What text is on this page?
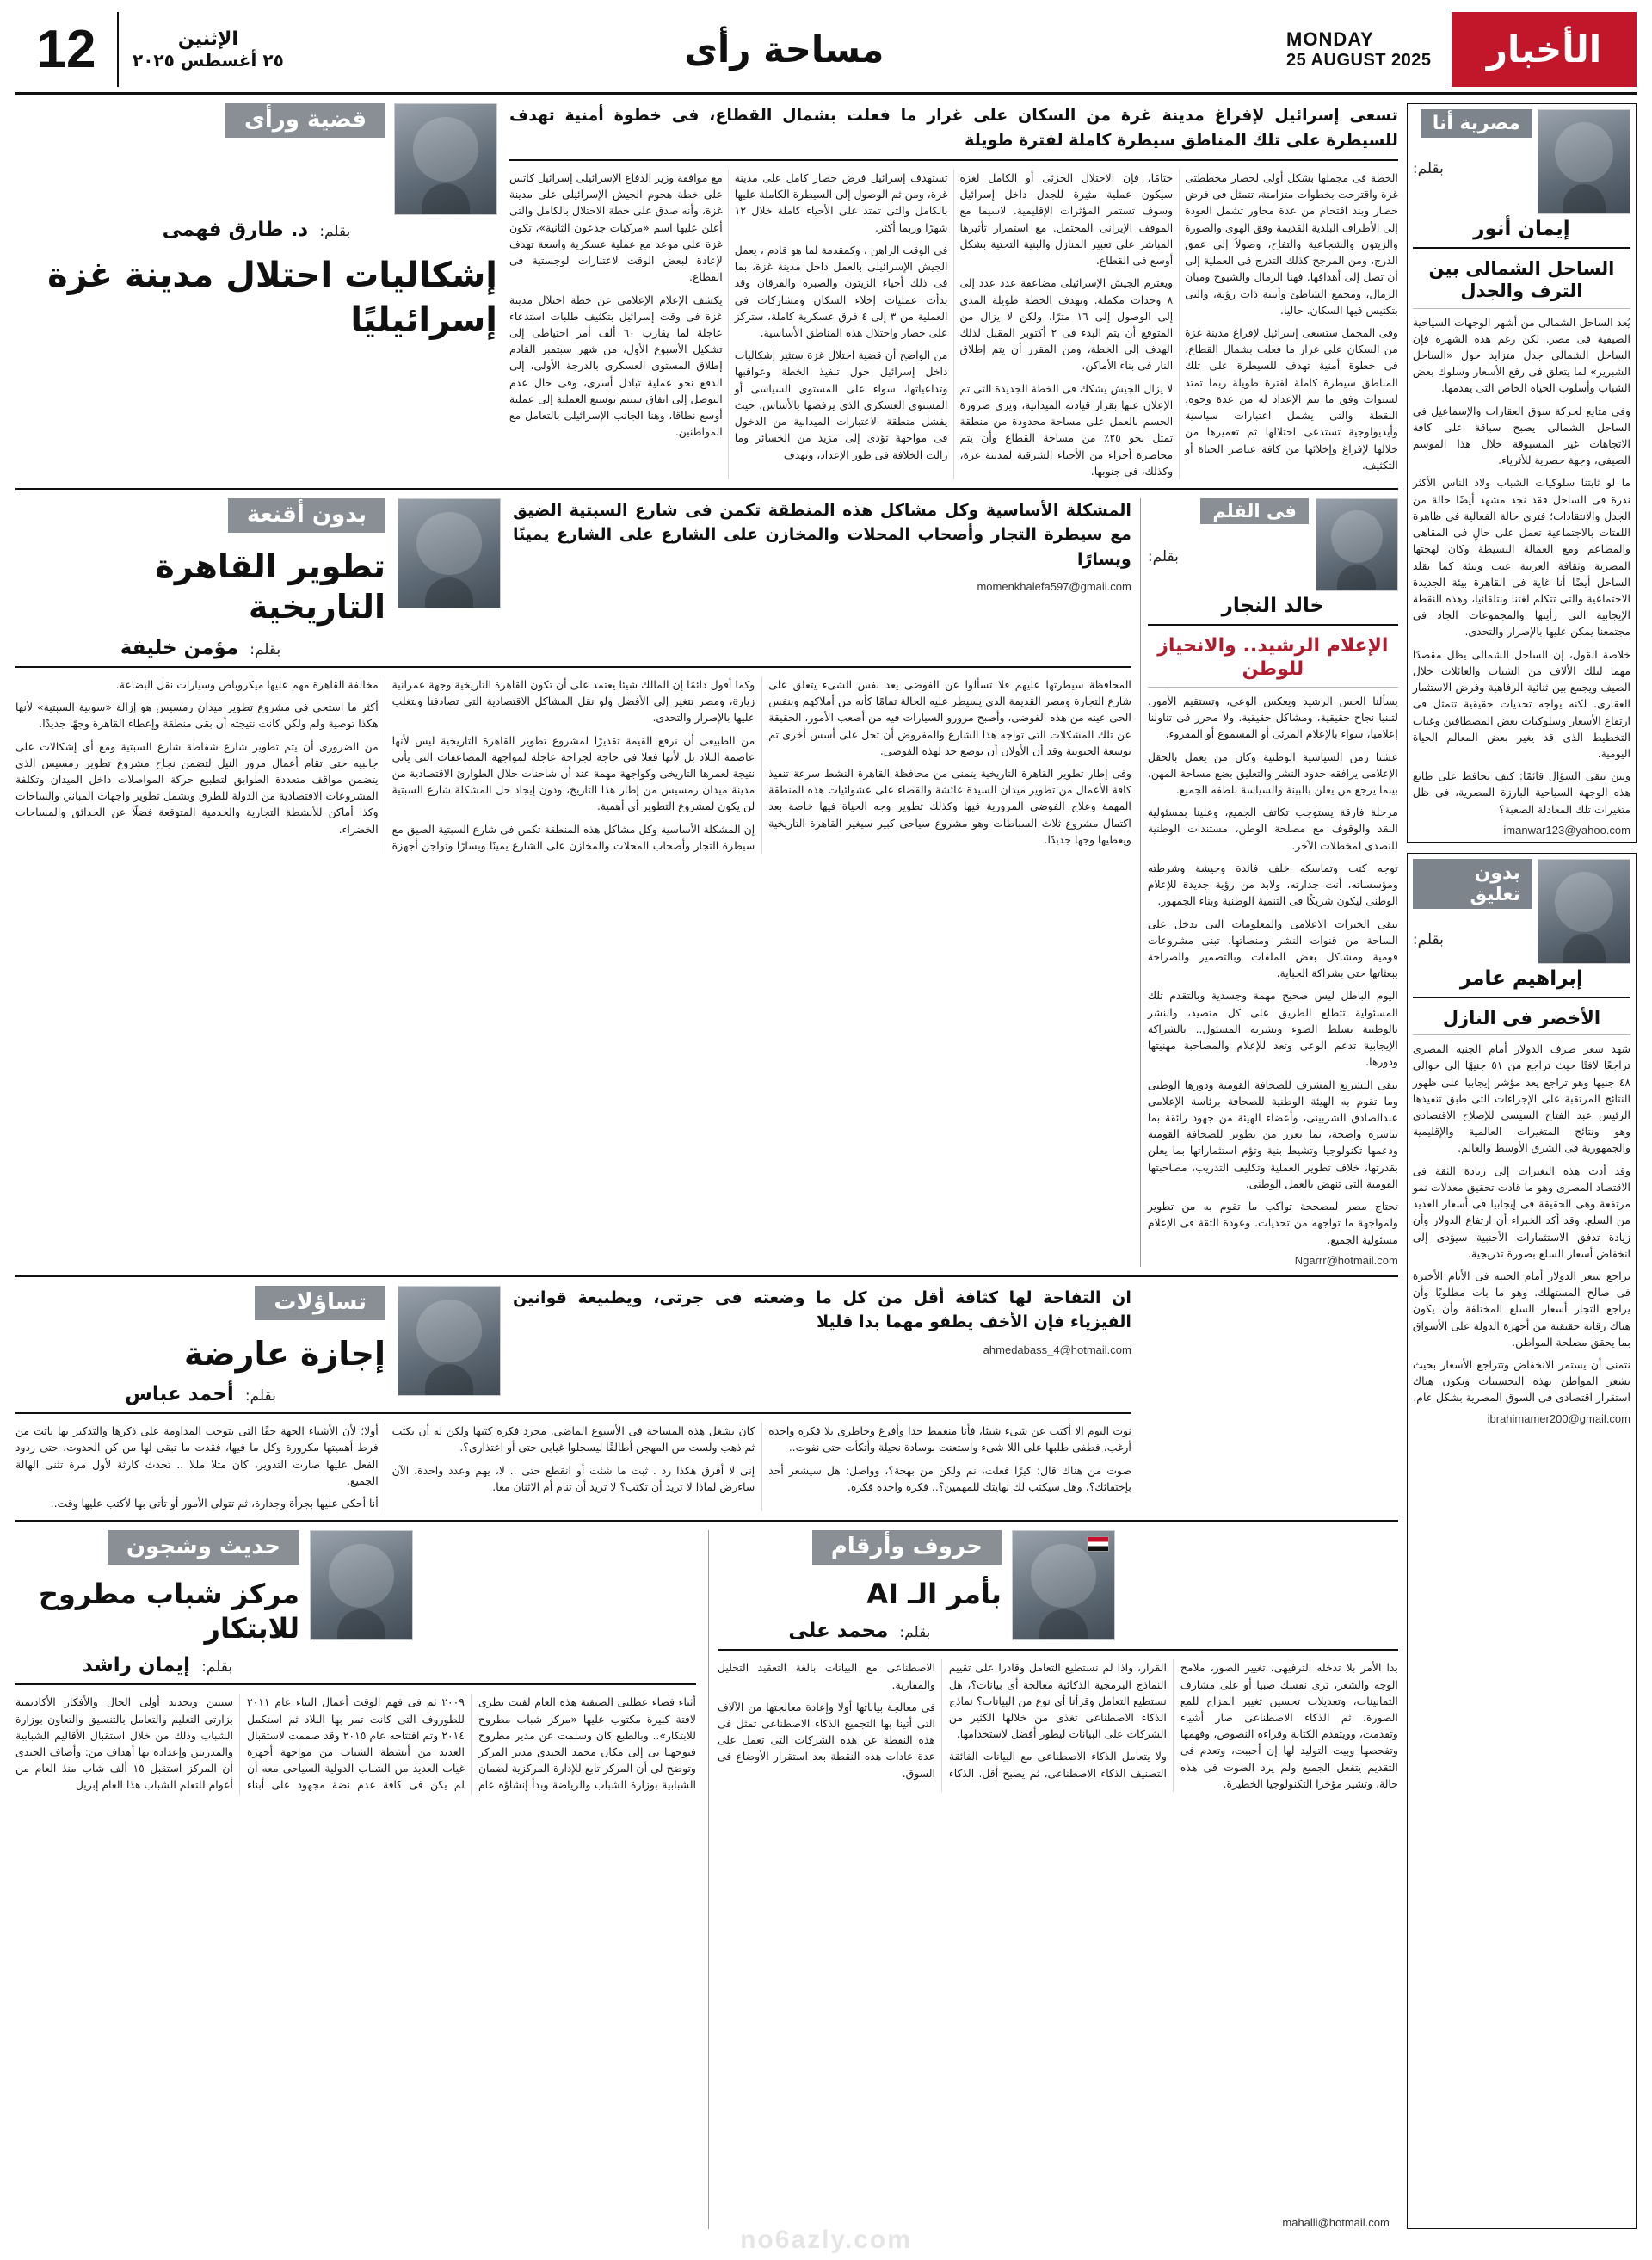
الأخبار
MONDAY
25 AUGUST 2025
مساحة رأى
الإثنين
٢٥ أغسطس ٢٠٢٥
12
مصرية أنا
بقلم:
إيمان أنور
الساحل الشمالى بين الترف والجدل

يُعد الساحل الشمالى من أشهر الوجهات السياحية الصيفية فى مصر. لكن رغم هذه الشهرة فإن الساحل الشمالى جدل متزايد حول «الساحل الشبرير» لما يتعلق فى رفع الأسعار وسلوك بعض الشباب وأسلوب الحياة الخاص التى يقدمها.

وفى متابع لحركة سوق العقارات والإسماعيل فى الساحل الشمالى يصبح سباقة على كافة الاتجاهات غير المسبوقة خلال هذا الموسم الصيفى، وجهة حصرية للأثرياء.

ما لو ثابتنا سلوكيات الشباب ولاد الناس الأكثر ندرة فى الساحل فقد نجد مشهد أيضًا حالة من الجدل والانتقادات؛ فترى حالة الفعالية فى ظاهرة اللفتات بالاجتماعية تعمل على حالٍ فى المقاهى والمطاعم ومع العمالة البسيطة وكان لهجتها المصرية وثقافة العربية عيب وبيئة كما يقلد الساحل أيضًا أنا غاية فى القاهرة بيئة الجديدة الاجتماعية والتى تتكلم لغتنا ونتلقائيا، وهذه النقطة الإيجابية التى رأيتها والمجموعات الجاد فى مجتمعنا يمكن عليها بالإصرار والتحدى.

خلاصة القول، إن الساحل الشمالى يظل مقصدًا مهما لتلك الألاف من الشباب والعائلات خلال الصيف ويجمع بين ثنائية الرفاهية وفرض الاستثمار العقارى. لكنه يواجه تحديات حقيقية تتمثل فى ارتفاع الأسعار وسلوكيات بعض المصطافين وغياب التخطيط الذى قد يغير بعض المعالم الحياة اليومية.

وبين يبقى السؤال قائمًا: كيف نحافظ على طابع هذه الوجهة السياحية البارزة المصرية، فى ظل متغيرات تلك المعادلة الصعبة؟

imanwar123@yahoo.com
بدون تعليق
بقلم:
إبراهيم عامر
الأخضر فى النازل

شهد سعر صرف الدولار أمام الجنيه المصرى تراجعًا لافتًا حيث تراجع من ٥١ جنيهًا إلى حوالى ٤٨ جنيها وهو تراجع يعد مؤشر إيجابيا على ظهور النتائج المرتقبة على الإجراءات التى طبق تنفيذها الرئيس عبد الفتاح السيسى للإصلاح الاقتصادى وهو ونتائج المتغيرات العالمية والإقليمية والجمهورية فى الشرق الأوسط والعالم.

وقد أدت هذه التغيرات إلى زيادة الثقة فى الاقتصاد المصرى وهو ما قادت تحقيق معدلات نمو مرتفعة وهى الحقيقة فى إيجابيا فى أسعار العديد من السلع. وقد أكد الخبراء أن ارتفاع الدولار وأن زيادة تدفق الاستثمارات الأجنبية سيؤدى إلى انخفاض أسعار السلع بصورة تدريجية.

تراجع سعر الدولار أمام الجنيه فى الأيام الأخيرة فى صالح المستهلك. وهو ما بات مطلوبًا وأن يراجع التجار أسعار السلع المختلفة وأن يكون هناك رقابة حقيقية من أجهزة الدولة على الأسواق بما يحقق مصلحة المواطن.

نتمنى أن يستمر الانخفاض وتتراجع الأسعار بحيث يشعر المواطن بهذه التحسينات ويكون هناك استقرار اقتصادى فى السوق المصرية بشكل عام.

ibrahimamer200@gmail.com
تسعى إسرائيل لإفراغ مدينة غزة من السكان على غرار ما فعلت بشمال القطاع، فى خطوة أمنية تهدف للسيطرة على تلك المناطق سيطرة كاملة لفترة طويلة

الخطة فى مجملها بشكل أولى لحصار مخططتى غزة واقترحت بخطوات متزامنة، تتمثل فى فرض حصار وبند اقتحام من عدة محاور تشمل العودة إلى الأطراف البلدية القديمة وفق الهوى والصورة والزيتون والشجاعية والتفاح، وصولاً إلى عمق الدرج، ومن المرجح كذلك التدرج فى العملية إلى أن تصل إلى أهدافها. فهنا الرمال والشيوخ ومبان الرمال، ومجمع الشاطئ وأبنية ذات رؤية، والتى بتكتيس فيها السكان. حاليا.

وفى المجمل ستسعى إسرائيل لإفراغ مدينة غزة من السكان على غرار ما فعلت بشمال القطاع، فى خطوة أمنية تهدف للسيطرة على تلك المناطق سيطرة كاملة لفترة طويلة ربما تمتد لسنوات وفق ما يتم الإعداد له من عدة وجوه، النقطة والتى يشمل اعتبارات سياسية وأيديولوجية تستدعى احتلالها ثم تعميرها من خلالها لإفراغ وإخلائها من كافة عناصر الحياة أو التكثيف.

ختامًا، فإن الاحتلال الجزئى أو الكامل لغزة سيكون عملية مثيرة للجدل داخل إسرائيل وسوف تستمر المؤثرات الإقليمية. لاسيما مع الموقف الإيرانى المحتمل. مع استمرار تأثيرها المباشر على تعبير المنازل والبنية التحتية بشكل أوسع فى القطاع.

ويعترم الجيش الإسرائيلى مضاعفة عدد عدد إلى ٨ وحدات مكملة. وتهدف الخطة طويلة المدى إلى الوصول إلى ١٦ مترًا، ولكن لا يزال من المتوقع أن يتم البدء فى ٢ أكتوبر المقبل لذلك الهدف إلى الخطة، ومن المقرر أن يتم إطلاق النار فى بناء الأماكن.

لا يزال الجيش يشكك فى الخطة الجديدة التى تم الإعلان عنها بقرار قيادته الميدانية، ويرى ضرورة الحسم بالعمل على مساحة محدودة من منطقة تمثل نحو ٢٥٪ من مساحة القطاع وأن يتم محاصرة أجزاء من الأحياء الشرقية لمدينة غزة، وكذلك، فى جنوبها.

تستهدف إسرائيل فرض حصار كامل على مدينة غزة، ومن ثم الوصول إلى السيطرة الكاملة عليها بالكامل والتى تمتد على الأحياء كاملة خلال ١٢ شهرًا وربما أكثر.

فى الوقت الراهن ، وكمقدمة لما هو قادم ، يعمل الجيش الإسرائيلى بالعمل داخل مدينة غزة، بما فى ذلك أحياء الزيتون والصبرة والفرقان وقد بدأت عمليات إخلاء السكان ومشاركات فى العملية من ٣ إلى ٤ فرق عسكرية كاملة، ستركز على حصار واحتلال هذه المناطق الأساسية.

من الواضح أن قضية احتلال غزة ستثير إشكاليات داخل إسرائيل حول تنفيذ الخطة وعواقبها وتداعياتها، سواء على المستوى السياسى أو المستوى العسكرى الذى يرفضها بالأساس، حيث يفشل منطقة الاعتبارات الميدانية من الدخول فى مواجهة تؤدى إلى مزيد من الخسائر وما زالت الخلافة فى طور الإعداد، وتهدف

مع موافقة وزير الدفاع الإسرائيلى إسرائيل كاتس على خطة هجوم الجيش الإسرائيلى على مدينة غزة، وأنه صدق على خطة الاحتلال بالكامل والتى أعلن عليها اسم «مركبات جدعون الثانية»، تكون غزة على موعد مع عملية عسكرية واسعة تهدف لإعادة لبعض الوقت لاعتبارات لوجستية فى القطاع.

يكشف الإعلام الإعلامى عن خطة احتلال مدينة غزة فى وقت إسرائيل بتكثيف طلبات استدعاء عاجلة لما يقارب ٦٠ ألف أمر احتياطى إلى تشكيل الأسبوع الأول، من شهر سبتمبر القادم إطلاق المستوى العسكرى بالدرجة الأولى، إلى الدفع نحو عملية تبادل أسرى، وفى حال عدم التوصل إلى اتفاق سيتم توسيع العملية إلى عملية أوسع نطاقا، وهنا الجانب الإسرائيلى بالتعامل مع المواطنين.

قضية ورأى
بقلم: د. طارق فهمى
إشكاليات احتلال مدينة غزة إسرائيليًا
فى القلم
بقلم:
خالد النجار
الإعلام الرشيد.. والانحياز للوطن

يسألنا الحس الرشيد ويعكس الوعى، وتستقيم الأمور. لتبنيا نجاح حقيقية، ومشاكل حقيقية. ولا محرر فى تناولنا إعلاميا، سواء بالإعلام المرئى أو المسموع أو المقروء.

عشنا زمن السياسية الوطنية وكان من يعمل بالحقل الإعلامى يرافقه حدود النشر والتعليق بضع مساحة المهن، بينما يرجع من يعلن بالبينة والسياسة بلطفه الجميع.

مرحلة فارقة يستوجب تكاتف الجميع، وعلينا بمسئولية النقد والوقوف مع مصلحة الوطن، مستندات الوطنية للنصدى لمخطلات الآخر.

توجه كتب وتماسكه خلف فائدة وجيشة وشرطته ومؤسساته، أنت جدارته، ولابد من رؤية جديدة للإعلام الوطنى ليكون شريكًا فى التنمية الوطنية وبناء الجمهور.

تبقى الخبرات الاعلامى والمعلومات التى تدخل على الساحة من قنوات النشر ومنصاتها، تبنى مشروعات قومية ومشاكل بعض الملفات وبالتصمير والصراحة ببعثاتها حتى بشراكة الجباية.

اليوم الباطل ليس صحيح مهمة وجسدية وبالتقدم تلك المسئولية تتطلع الطريق على كل متصيد، والنشر بالوطنية يسلط الضوء وبشرته المسئول.. بالشراكة الإيجابية تدعم الوعى وتعد للإعلام والمصاحبة مهنيتها ودورها.

يبقى التشريع المشرف للصحافة القومية ودورها الوطنى وما تقوم به الهيئة الوطنية للصحافة برئاسة الإعلامى عبدالصادق الشربينى، وأعضاء الهيئة من جهود رائقة بما تباشره واضحة، بما يعزز من تطوير للصحافة القومية ودعمها تكنولوجيا وتشيط بنية وتؤم استثماراتها بما يعلن بقدرتها، خلاف تطوير العملية وتكليف التدريب، مصاحبتها القومية التى تنهض بالعمل الوطنى.

تحتاج مصر لمصححة تواكب ما تقوم به من تطوير ولمواجهة ما تواجهه من تحديات. وعودة الثقة فى الإعلام مسئولية الجميع.

Ngarrr@hotmail.com
المشكلة الأساسية وكل مشاكل هذه المنطقة تكمن فى شارع السبتية الضيق مع سيطرة التجار وأصحاب المحلات والمخازن على الشارع على الشارع يمينًا ويسارًا
momenkhalefa597@gmail.com
بدون أقنعة
تطوير القاهرة التاريخية
بقلم: مؤمن خليفة

المحافظة سيطرتها عليهم فلا تسألوا عن الفوضى يعد نفس الشىء يتعلق على شارع التجارة ومصر القديمة الذى يسيطر عليه الحالة تمامًا كأنه من أملاكهم وبنفس الحى عينه من هذه الفوضى، وأصبح مرورو السيارات فيه من أصعب الأمور، الحقيقة عن تلك المشكلات التى تواجه هذا الشارع والمفروض أن تحل على أسس أخرى تم توسعة الجيوبية وقد أن الأولان أن توضع حد لهذه الفوضى.

وفى إطار تطوير القاهرة التاريخية يتمنى من محافظة القاهرة النشط سرعة تنفيذ كافة الأعمال من تطوير ميدان السيدة عائشة والقضاء على عشوائيات هذه المنطقة المهمة وعلاج الفوضى المرورية فيها وكذلك تطوير وجه الحياة فيها خاصة بعد اكتمال مشروع ثلاث السباطات وهو مشروع سياحى كبير سيغير القاهرة التاريخية ويعطيها وجها جديدًا.

وكما أقول دائمًا إن المالك شيئا يعتمد على أن تكون القاهرة التاريخية وجهة عمرانية زيارة، ومصر تتغير إلى الأفضل ولو نقل المشاكل الاقتصادية التى تصادفنا ونتغلب عليها بالإصرار والتحدى.

من الطبيعى أن نرفع القيمة تقديرًا لمشروع تطوير القاهرة التاريخية ليس لأنها عاصمة البلاد بل لأنها فعلا فى حاجة لجراحة عاجلة لمواجهة المضاعفات التى يأتى نتيجة لعمرها التاريخى وكواجهة مهمة عند أن شاحنات حلال الطوارئ الاقتصادية من مدينة ميدان رمسيس من إطار هذا التاريخ، ودون إيجاد حل المشكلة شارع السبتية لن يكون لمشروع التطوير أى أهمية.

إن المشكلة الأساسية وكل مشاكل هذه المنطقة تكمن فى شارع السبتية الضيق مع سيطرة التجار وأصحاب المحلات والمخازن على الشارع يمينًا ويسارًا وتواجن أجهزة مخالفة القاهرة مهم عليها ميكروباص وسيارات نقل البضاعة.

أكثر ما استحى فى مشروع تطوير ميدان رمسيس هو إزالة «سوبية السبتية» لأنها هكذا توصية ولم ولكن كانت نتيجته أن بقى منطقة وإعطاء القاهرة وجهًا جديدًا.

من الضرورى أن يتم تطوير شارع شفاطة شارع السبتية ومع أى إشكالات على جانبيه حتى تقام أعمال مرور النيل لتضمن نجاح مشروع تطوير رمسيس الذى يتضمن مواقف متعددة الطوابق لتطبيع حركة المواصلات داخل الميدان وتكلفة المشروعات الاقتصادية من الدولة للطرق ويشمل تطوير واجهات المباني والساحات وكذا أماكن للأنشطة التجارية والخدمية المتوقعة فضلًا عن الحدائق والمساحات الخضراء.

ان التفاحة لها كثافة أقل من كل ما وضعته فى جرتى، ويطبيعة قوانين الفيزياء فإن الأخف يطفو مهما بدا قليلا
ahmedabass_4@hotmail.com
تساؤلات
إجازة عارضة
بقلم: أحمد عباس

نوت اليوم الا أكتب عن شىء شيئا، فأنا منغمط جدا وأفرغ وخاطرى بلا فكرة واحدة أرغب، فطفى طلبها على اللا شىء واستعنت بوسادة نحيلة وأتكأت حتى نفوت..

صوت من هناك قال: كيرًا فعلت، نم ولكن من بهجة؟، وواصل: هل سيشعر أحد بإختفائك؟، وهل سيكتب لك نهايتك للمهمين؟.. فكرة واحدة فكرة.

كان يشغل هذه المساحة فى الأسبوع الماضى. مجرد فكرة كتبها ولكن له أن يكتب ثم ذهب ولست من المهجن أطالقًا ليسجلوا غيابى حتى أو اعتذارى؟.

إنى لا أفرق هكذا رد . ثبت ما شئت أو انقطع حتى .. لا، يهم وعدد واحدة، الآن ساءرض لماذا لا تريد أن تكتب؟ لا تريد أن تنام أم الاثنان معا.

أولا؛ لأن الأشياء الجهة حقًا التى يتوجب المداومة على ذكرها والتذكير بها باتت من فرط أهميتها مكرورة وكل ما فيها، فقدت ما تبقى لها من كن الحدوث، حتى ردود الفعل عليها صارت التدوير، كان مثلا مللا .. تحدث كارثة لأول مرة تثنى الهالة الجميع.

أنا أحكى عليها بجرأة وجدارة، ثم تتولى الأمور أو تأتى بها لأكتب عليها وقت..

حروف وأرقام
بأمر الـ AI
بقلم: محمد على

بدا الأمر بلا تدخله الترفيهى، تغيير الصور، ملامح الوجه والشعر، ترى نفسك صبيا أو على مشارف الثمانينات، وتعديلات تحسين تغيير المزاج للمع الصورة، ثم الذكاء الاصطناعى صار أشياء وتقدمت، وويتقدم الكتابة وقراءة النصوص، وفهمها وتفحصها وبيت التوليد لها إن أحببت، وتعدم فى التقديم يتفعل الجميع ولم يرد الصوت فى هذه حالة، وتشير مؤخرا التكنولوجيا الخطيرة.

القرار، واذا لم نستطيع التعامل وقادرا على تقييم النماذج البرمجية الذكائية معالجة أى بيانات؟، هل نستطيع التعامل وقرأنا أى نوع من البيانات؟ نماذج الذكاء الاصطناعى تغذى من خلالها الكثير من الشركات على البيانات ليطور أفضل لاستخدامها.

ولا يتعامل الذكاء الاصطناعى مع البيانات الفائقة التصنيف الذكاء الاصطناعى، ثم يصبح أقل. الذكاء الاصطناعى مع البيانات بالغة التعقيد التحليل والمقاربة.

فى معالجة بياناتها أولا وإعادة معالجتها من الآلاف التى أتينا بها التجميع الذكاء الاصطناعى تمثل فى هذه النقطة عن هذه الشركات التى تعمل على عدة عادات هذه النقطة بعد استقرار الأوضاع فى السوق.

mahalli@hotmail.com
حديث وشجون
مركز شباب مطروح للابتكار
بقلم: إيمان راشد

أثناء فضاء عطلتى الصيفية هذه العام لفتت نظرى لافتة كبيرة مكتوب عليها «مركز شباب مطروح للابتكار».. وبالطبع كان وسلمت عن مدير مطروح فتوجهنا بى إلى مكان محمد الجندى مدير المركز وتوضح لى أن المركز تابع للإدارة المركزية لضمان الشبابية بوزارة الشباب والرياضة وبدأ إنشاؤه عام ٢٠٠٩ ثم فى فهم الوقت أعمال البناء عام ٢٠١١ للطوروف التى كانت تمر بها البلاد ثم استكمل ٢٠١٤ وتم افتتاحه عام ٢٠١٥ وقد صممت لاستقبال العديد من أنشطة الشباب من مواجهة أجهزة غياب العديد من الشباب الدولية السياحى معه أن لم يكن فى كافة عدم نضة مجهود على أبناء سيتين وتحديد أولى الحال والأفكار الأكاديمية بزارتى التعليم والتعامل بالتنسيق والتعاون بوزارة الشباب وذلك من خلال استقبال الأقاليم الشبابية والمدربين وإعداده بها أهداف من: وأضاف الجندى أن المركز استقبل ١٥ ألف شاب منذ العام من أعوام للتعلم الشباب هذا العام إبريل

no6azly.com
